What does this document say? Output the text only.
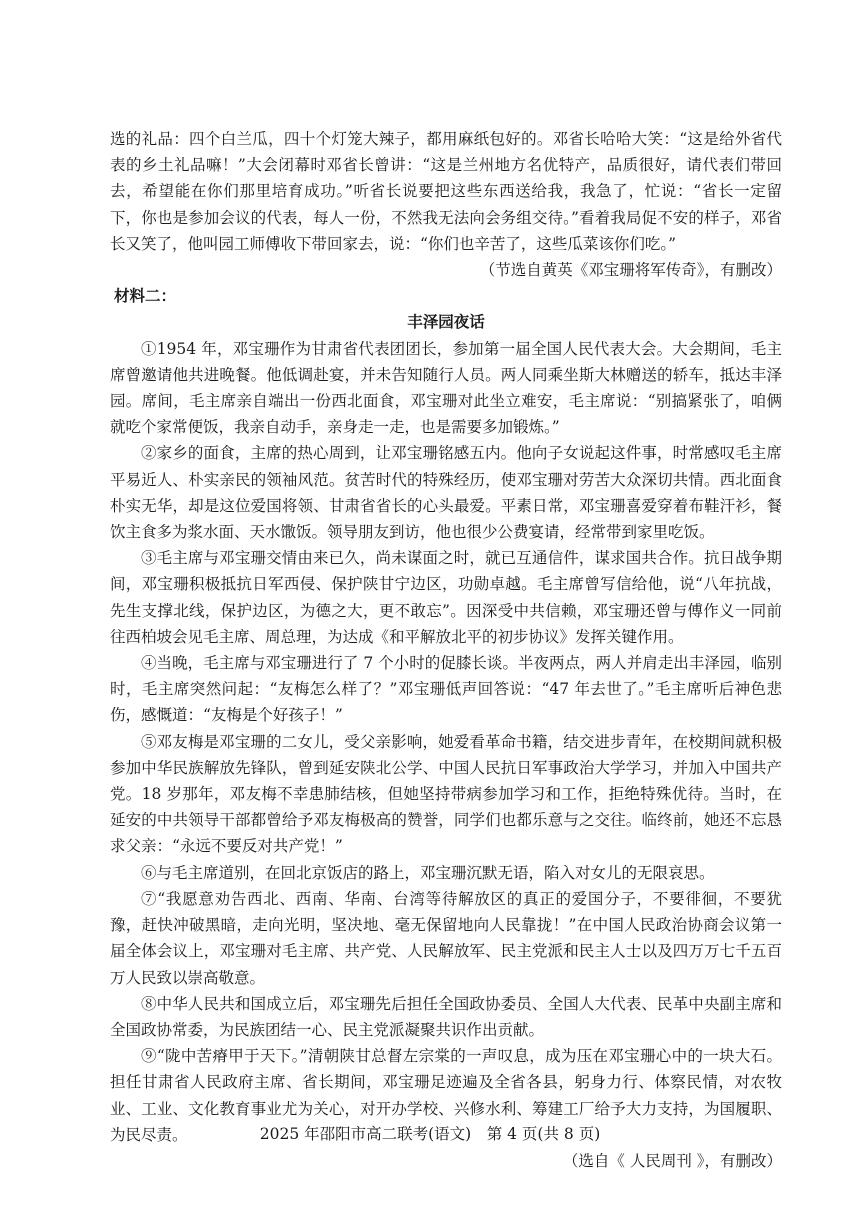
选的礼品：四个白兰瓜，四十个灯笼大辣子，都用麻纸包好的。邓省长哈哈大笑：“这是给外省代表的乡土礼品嘛！”大会闭幕时邓省长曾讲：“这是兰州地方名优特产，品质很好，请代表们带回去，希望能在你们那里培育成功。”听省长说要把这些东西送给我，我急了，忙说：“省长一定留下，你也是参加会议的代表，每人一份，不然我无法向会务组交待。”看着我局促不安的样子，邓省长又笑了，他叫园工师傅收下带回家去，说：“你们也辛苦了，这些瓜菜该你们吃。”

（节选自黄英《邓宝珊将军传奇》，有删改）

材料二：

丰泽园夜话

①1954 年，邓宝珊作为甘肃省代表团团长，参加第一届全国人民代表大会。大会期间，毛主席曾邀请他共进晚餐。他低调赴宴，并未告知随行人员。两人同乘坐斯大林赠送的轿车，抵达丰泽园。席间，毛主席亲自端出一份西北面食，邓宝珊对此坐立难安，毛主席说：“别搞紧张了，咱俩就吃个家常便饭，我亲自动手，亲身走一走，也是需要多加锻炼。”

②家乡的面食，主席的热心周到，让邓宝珊铭感五内。他向子女说起这件事，时常感叹毛主席平易近人、朴实亲民的领袖风范。贫苦时代的特殊经历，使邓宝珊对劳苦大众深切共情。西北面食朴实无华，却是这位爱国将领、甘肃省省长的心头最爱。平素日常，邓宝珊喜爱穿着布鞋汗衫，餐饮主食多为浆水面、天水馓饭。领导朋友到访，他也很少公费宴请，经常带到家里吃饭。

③毛主席与邓宝珊交情由来已久，尚未谋面之时，就已互通信件，谋求国共合作。抗日战争期间，邓宝珊积极抵抗日军西侵、保护陕甘宁边区，功勋卓越。毛主席曾写信给他，说“八年抗战，先生支撑北线，保护边区，为德之大，更不敢忘”。因深受中共信赖，邓宝珊还曾与傅作义一同前往西柏坡会见毛主席、周总理，为达成《和平解放北平的初步协议》发挥关键作用。

④当晚，毛主席与邓宝珊进行了 7 个小时的促膝长谈。半夜两点，两人并肩走出丰泽园，临别时，毛主席突然问起：“友梅怎么样了？”邓宝珊低声回答说：“47 年去世了。”毛主席听后神色悲伤，感慨道：“友梅是个好孩子！”

⑤邓友梅是邓宝珊的二女儿，受父亲影响，她爱看革命书籍，结交进步青年，在校期间就积极参加中华民族解放先锋队，曾到延安陕北公学、中国人民抗日军事政治大学学习，并加入中国共产党。18 岁那年，邓友梅不幸患肺结核，但她坚持带病参加学习和工作，拒绝特殊优待。当时，在延安的中共领导干部都曾给予邓友梅极高的赞誉，同学们也都乐意与之交往。临终前，她还不忘恳求父亲：“永远不要反对共产党！”

⑥与毛主席道别，在回北京饭店的路上，邓宝珊沉默无语，陷入对女儿的无限哀思。

⑦“我愿意劝告西北、西南、华南、台湾等待解放区的真正的爱国分子，不要徘徊，不要犹豫，赶快冲破黑暗，走向光明，坚决地、毫无保留地向人民靠拢！”在中国人民政治协商会议第一届全体会议上，邓宝珊对毛主席、共产党、人民解放军、民主党派和民主人士以及四万万七千五百万人民致以崇高敬意。

⑧中华人民共和国成立后，邓宝珊先后担任全国政协委员、全国人大代表、民革中央副主席和全国政协常委，为民族团结一心、民主党派凝聚共识作出贡献。

⑨“陇中苦瘠甲于天下。”清朝陕甘总督左宗棠的一声叹息，成为压在邓宝珊心中的一块大石。担任甘肃省人民政府主席、省长期间，邓宝珊足迹遍及全省各县，躬身力行、体察民情，对农牧业、工业、文化教育事业尤为关心，对开办学校、兴修水利、筹建工厂给予大力支持，为国履职、为民尽责。

（选自《 人民周刊 》，有删改）

2025 年邵阳市高二联考(语文)　第 4 页(共 8 页)
